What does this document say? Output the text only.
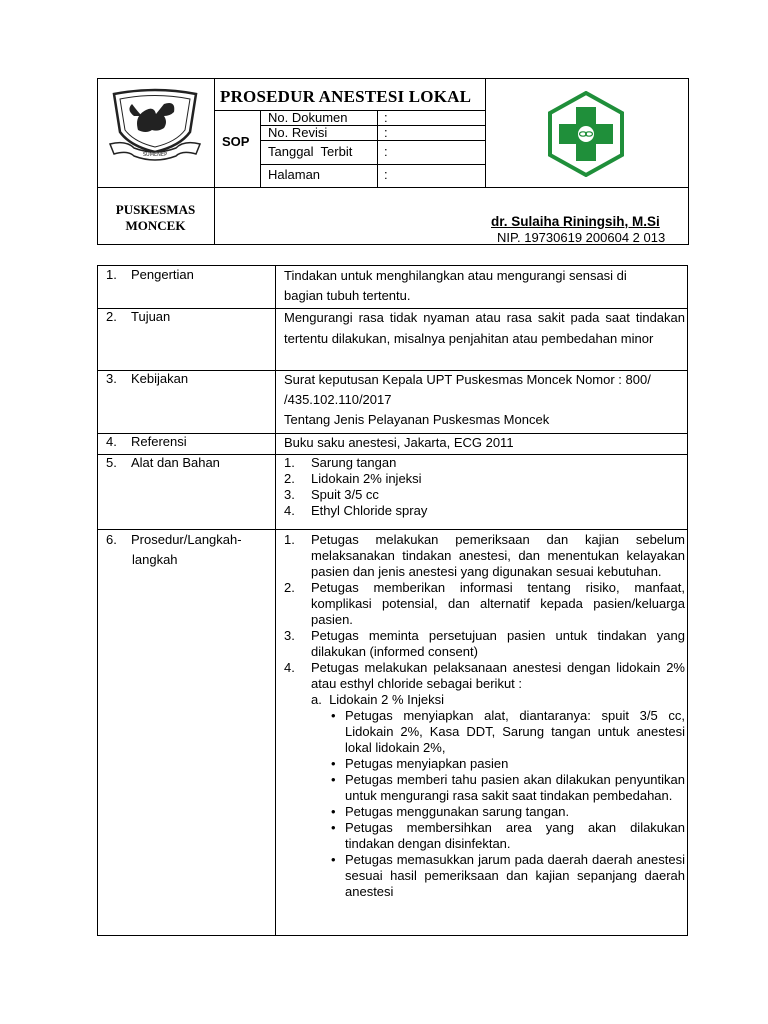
SUMENEP
PUSKESMAS
MONCEK
PROSEDUR ANESTESI LOKAL
SOP
No. Dokumen	:
No. Revisi	:
Tanggal  Terbit :
Halaman	:
dr. Sulaiha Riningsih, M.Si
NIP. 19730619 200604 2 013
1. Pengertian	Tindakan untuk menghilangkan atau mengurangi sensasi di
bagian tubuh tertentu.
2. Tujuan	Mengurangi rasa tidak nyaman atau rasa sakit pada saat tindakan tertentu dilakukan, misalnya penjahitan atau pembedahan minor
3. Kebijakan	Surat keputusan Kepala UPT Puskesmas Moncek Nomor : 800/
/435.102.110/2017
Tentang Jenis Pelayanan Puskesmas Moncek
4. Referensi	Buku saku anestesi, Jakarta, ECG 2011
5. Alat dan Bahan	1. Sarung tangan
2. Lidokain 2% injeksi
3. Spuit 3/5 cc
4. Ethyl Chloride spray
6. Prosedur/Langkah-
langkah
1. Petugas melakukan pemeriksaan dan kajian sebelum melaksanakan tindakan anestesi, dan menentukan kelayakan pasien dan jenis anestesi yang digunakan sesuai kebutuhan.
2. Petugas memberikan informasi tentang risiko, manfaat, komplikasi potensial, dan alternatif kepada pasien/keluarga pasien.
3. Petugas meminta persetujuan pasien untuk tindakan yang dilakukan (informed consent)
4. Petugas melakukan pelaksanaan anestesi dengan lidokain 2% atau esthyl chloride sebagai berikut :
a.  Lidokain 2 % Injeksi
• Petugas menyiapkan alat, diantaranya: spuit 3/5 cc, Lidokain 2%, Kasa DDT, Sarung tangan untuk anestesi lokal lidokain 2%,
• Petugas menyiapkan pasien
• Petugas memberi tahu pasien akan dilakukan penyuntikan untuk mengurangi rasa sakit saat tindakan pembedahan.
• Petugas menggunakan sarung tangan.
• Petugas membersihkan area yang akan dilakukan tindakan dengan disinfektan.
• Petugas memasukkan jarum pada daerah daerah anestesi sesuai hasil pemeriksaan dan kajian sepanjang daerah anestesi
